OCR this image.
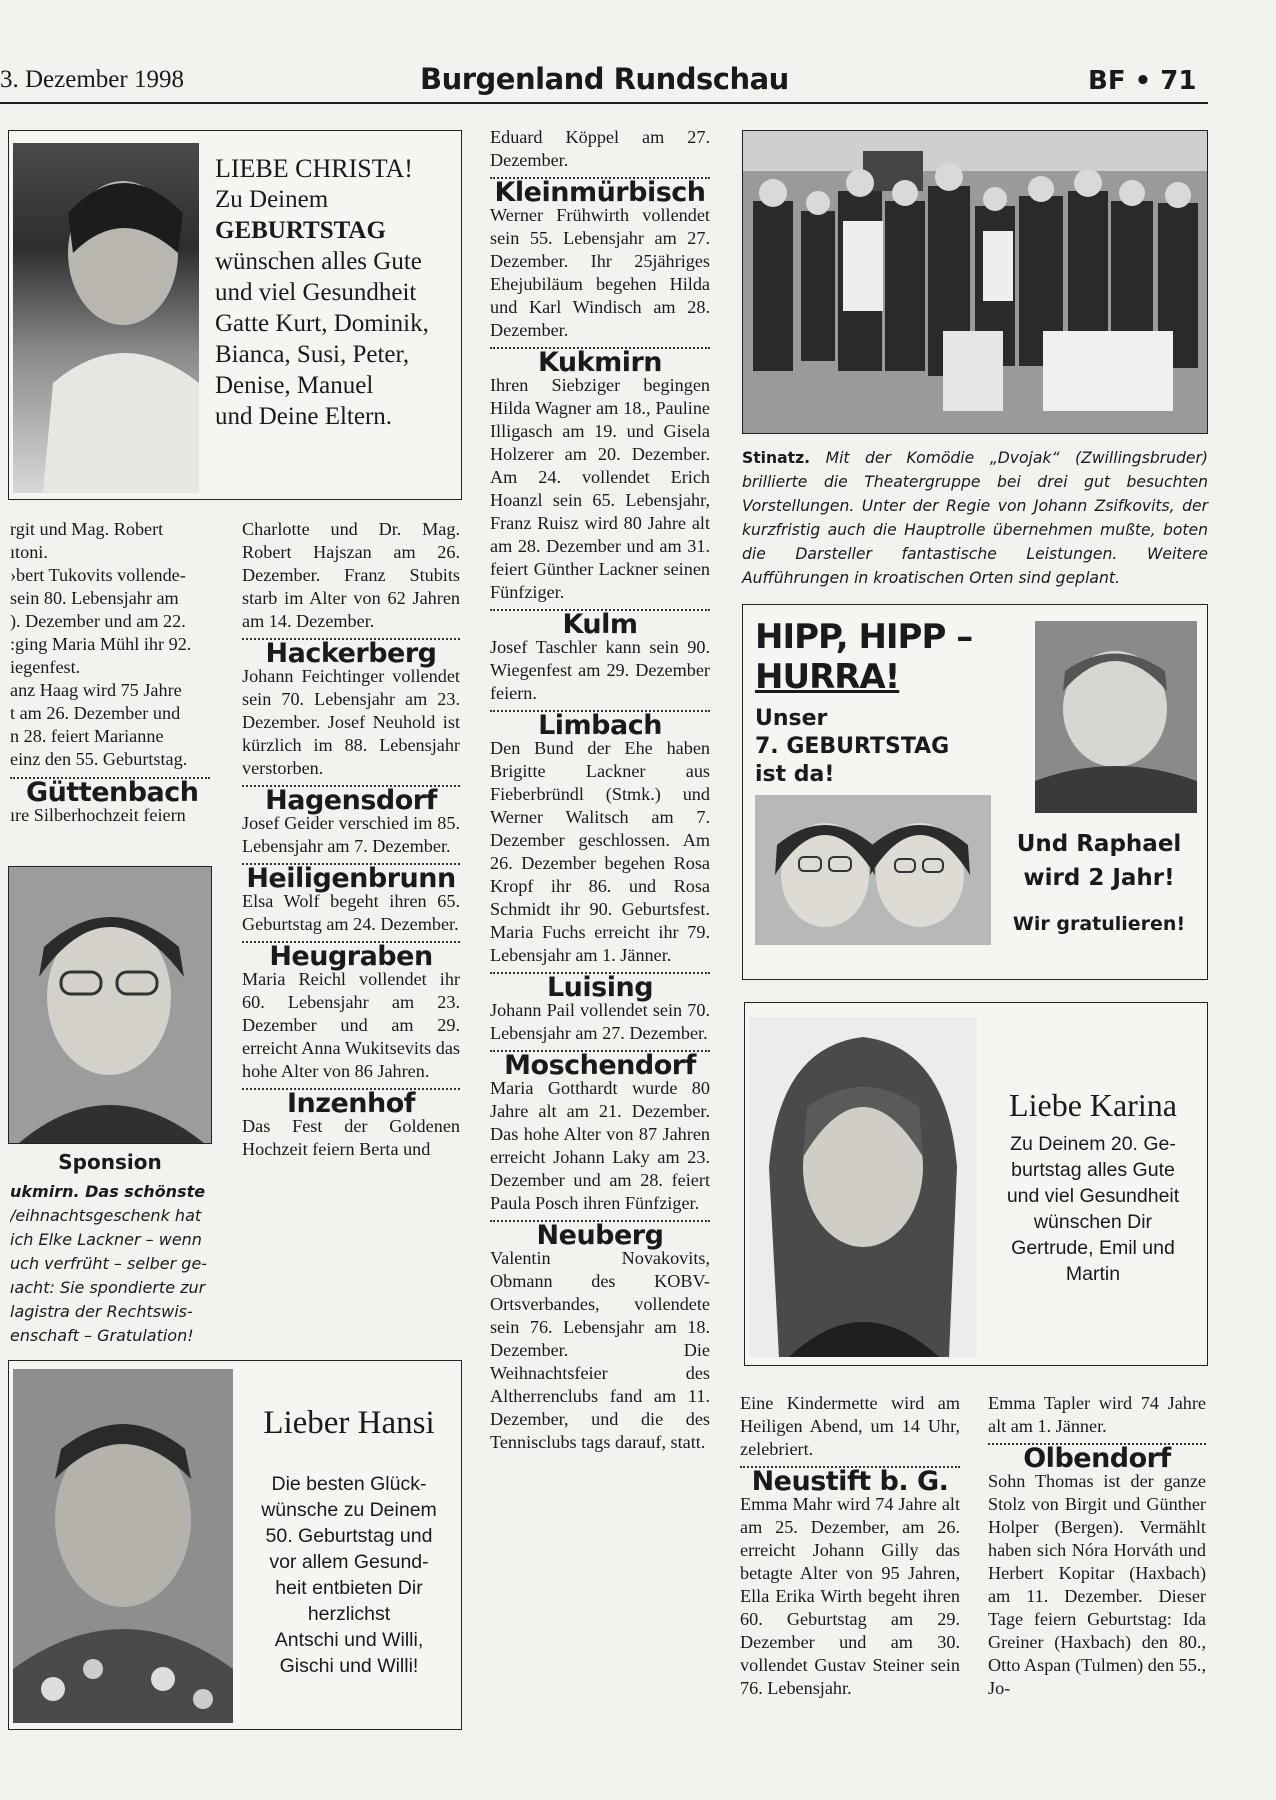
3. Dezember 1998	Burgenland Rundschau	BF • 71
LIEBE CHRISTA!
Zu Deinem
GEBURTSTAG
wünschen alles Gute
und viel Gesundheit
Gatte Kurt, Dominik,
Bianca, Susi, Peter,
Denise, Manuel
und Deine Eltern.
rgit und Mag. Robert
ıtoni.
›bert Tukovits vollende-
sein 80. Lebensjahr am
). Dezember und am 22.
:ging Maria Mühl ihr 92.
iegenfest.
anz Haag wird 75 Jahre
t am 26. Dezember und
n 28. feiert Marianne
einz den 55. Geburtstag.
Güttenbach
ıre Silberhochzeit feiern
Sponsion
ukmirn. Das schönste
/eihnachtsgeschenk hat
ich Elke Lackner – wenn
uch verfrüht – selber ge-
ıacht: Sie spondierte zur
lagistra der Rechtswis-
enschaft – Gratulation!
Charlotte und Dr. Mag. Robert Hajszan am 26. Dezember. Franz Stubits starb im Alter von 62 Jahren am 14. Dezember.
Hackerberg
Johann Feichtinger vollendet sein 70. Lebensjahr am 23. Dezember. Josef Neuhold ist kürzlich im 88. Lebensjahr verstorben.
Hagensdorf
Josef Geider verschied im 85. Lebensjahr am 7. Dezember.
Heiligenbrunn
Elsa Wolf begeht ihren 65. Geburtstag am 24. Dezember.
Heugraben
Maria Reichl vollendet ihr 60. Lebensjahr am 23. Dezember und am 29. erreicht Anna Wukitsevits das hohe Alter von 86 Jahren.
Inzenhof
Das Fest der Goldenen Hochzeit feiern Berta und
Lieber Hansi
Die besten Glück-
wünsche zu Deinem
50. Geburtstag und
vor allem Gesund-
heit entbieten Dir
herzlichst
Antschi und Willi,
Gischi und Willi!
Eduard Köppel am 27. Dezember.
Kleinmürbisch
Werner Frühwirth vollendet sein 55. Lebensjahr am 27. Dezember. Ihr 25jähriges Ehejubiläum begehen Hilda und Karl Windisch am 28. Dezember.
Kukmirn
Ihren Siebziger begingen Hilda Wagner am 18., Pauline Illigasch am 19. und Gisela Holzerer am 20. Dezember. Am 24. vollendet Erich Hoanzl sein 65. Lebensjahr, Franz Ruisz wird 80 Jahre alt am 28. Dezember und am 31. feiert Günther Lackner seinen Fünfziger.
Kulm
Josef Taschler kann sein 90. Wiegenfest am 29. Dezember feiern.
Limbach
Den Bund der Ehe haben Brigitte Lackner aus Fieberbründl (Stmk.) und Werner Walitsch am 7. Dezember geschlossen. Am 26. Dezember begehen Rosa Kropf ihr 86. und Rosa Schmidt ihr 90. Geburtsfest. Maria Fuchs erreicht ihr 79. Lebensjahr am 1. Jänner.
Luising
Johann Pail vollendet sein 70. Lebensjahr am 27. Dezember.
Moschendorf
Maria Gotthardt wurde 80 Jahre alt am 21. Dezember. Das hohe Alter von 87 Jahren erreicht Johann Laky am 23. Dezember und am 28. feiert Paula Posch ihren Fünfziger.
Neuberg
Valentin Novakovits, Obmann des KOBV-Ortsverbandes, vollendete sein 76. Lebensjahr am 18. Dezember. Die Weihnachtsfeier des Altherrenclubs fand am 11. Dezember, und die des Tennisclubs tags darauf, statt.
Stinatz. Mit der Komödie „Dvojak“ (Zwillingsbruder) brillierte die Theatergruppe bei drei gut besuchten Vorstellungen. Unter der Regie von Johann Zsifkovits, der kurzfristig auch die Hauptrolle übernehmen mußte, boten die Darsteller fantastische Leistungen. Weitere Aufführungen in kroatischen Orten sind geplant.
HIPP, HIPP –
HURRA!
Unser
7. GEBURTSTAG
ist da!
Und Raphael
wird 2 Jahr!
Wir gratulieren!
Liebe Karina
Zu Deinem 20. Ge-
burtstag alles Gute
und viel Gesundheit
wünschen Dir
Gertrude, Emil und
Martin
Eine Kindermette wird am Heiligen Abend, um 14 Uhr, zelebriert.
Neustift b. G.
Emma Mahr wird 74 Jahre alt am 25. Dezember, am 26. erreicht Johann Gilly das betagte Alter von 95 Jahren, Ella Erika Wirth begeht ihren 60. Geburtstag am 29. Dezember und am 30. vollendet Gustav Steiner sein 76. Lebensjahr.
Emma Tapler wird 74 Jahre alt am 1. Jänner.
Olbendorf
Sohn Thomas ist der ganze Stolz von Birgit und Günther Holper (Bergen). Vermählt haben sich Nóra Horváth und Herbert Kopitar (Haxbach) am 11. Dezember. Dieser Tage feiern Geburtstag: Ida Greiner (Haxbach) den 80., Otto Aspan (Tulmen) den 55., Jo-
